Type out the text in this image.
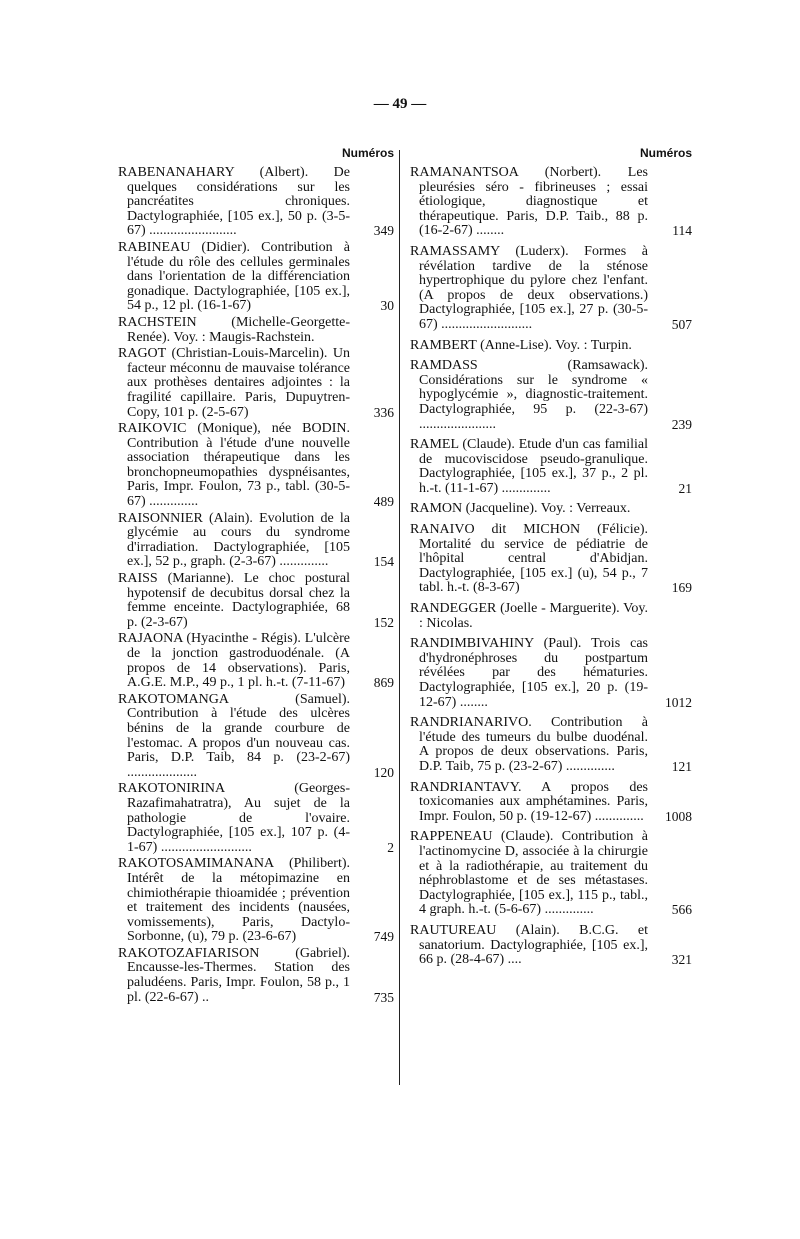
— 49 —
Numéros
RABENANAHARY (Albert). De quelques considérations sur les pancréatites chroniques. Dactylographiée, [105 ex.], 50 p. (3-5-67) .........................	349
RABINEAU (Didier). Contribution à l'étude du rôle des cellules germinales dans l'orientation de la différenciation gonadique. Dactylographiée, [105 ex.], 54 p., 12 pl. (16-1-67)	30
RACHSTEIN (Michelle-Georgette-Renée). Voy. : Maugis-Rachstein.
RAGOT (Christian-Louis-Marcelin). Un facteur méconnu de mauvaise tolérance aux prothèses dentaires adjointes : la fragilité capillaire. Paris, Dupuytren-Copy, 101 p. (2-5-67)	336
RAIKOVIC (Monique), née BODIN. Contribution à l'étude d'une nouvelle association thérapeutique dans les bronchopneumopathies dyspnéisantes, Paris, Impr. Foulon, 73 p., tabl. (30-5-67) ..............	489
RAISONNIER (Alain). Evolution de la glycémie au cours du syndrome d'irradiation. Dactylographiée, [105 ex.], 52 p., graph. (2-3-67) ..............	154
RAISS (Marianne). Le choc postural hypotensif de decubitus dorsal chez la femme enceinte. Dactylographiée, 68 p. (2-3-67)	152
RAJAONA (Hyacinthe - Régis). L'ulcère de la jonction gastroduodénale. (A propos de 14 observations). Paris, A.G.E. M.P., 49 p., 1 pl. h.-t. (7-11-67) 869
RAKOTOMANGA (Samuel). Contribution à l'étude des ulcères bénins de la grande courbure de l'estomac. A propos d'un nouveau cas. Paris, D.P. Taib, 84 p. (23-2-67) ....................	120
RAKOTONIRINA (Georges-Razafimahatratra), Au sujet de la pathologie de l'ovaire. Dactylographiée, [105 ex.], 107 p. (4-1-67) ..........................	2
RAKOTOSAMIMANANA (Philibert). Intérêt de la métopimazine en chimiothérapie thioamidée ; prévention et traitement des incidents (nausées, vomissements), Paris, Dactylo-Sorbonne, (u), 79 p. (23-6-67)	749
RAKOTOZAFIARISON (Gabriel). Encausse-les-Thermes. Station des paludéens. Paris, Impr. Foulon, 58 p., 1 pl. (22-6-67) ..	735
Numéros
RAMANANTSOA (Norbert). Les pleurésies séro - fibrineuses ; essai étiologique, diagnostique et thérapeutique. Paris, D.P. Taib., 88 p. (16-2-67) ........	114
RAMASSAMY (Luderx). Formes à révélation tardive de la sténose hypertrophique du pylore chez l'enfant. (A propos de deux observations.) Dactylographiée, [105 ex.], 27 p. (30-5-67) ..........................	507
RAMBERT (Anne-Lise). Voy. : Turpin.
RAMDASS (Ramsawack). Considérations sur le syndrome « hypoglycémie », diagnostic-traitement. Dactylographiée, 95 p. (22-3-67) ......................	239
RAMEL (Claude). Etude d'un cas familial de mucoviscidose pseudo-granulique. Dactylographiée, [105 ex.], 37 p., 2 pl. h.-t. (11-1-67) ..............	21
RAMON (Jacqueline). Voy. : Verreaux.
RANAIVO dit MICHON (Félicie). Mortalité du service de pédiatrie de l'hôpital central d'Abidjan. Dactylographiée, [105 ex.] (u), 54 p., 7 tabl. h.-t. (8-3-67)	169
RANDEGGER (Joelle - Marguerite). Voy. : Nicolas.
RANDIMBIVAHINY (Paul). Trois cas d'hydronéphroses du postpartum révélées par des hématuries. Dactylographiée, [105 ex.], 20 p. (19-12-67) ........	1012
RANDRIANARIVO. Contribution à l'étude des tumeurs du bulbe duodénal. A propos de deux observations. Paris, D.P. Taib, 75 p. (23-2-67) ..............	121
RANDRIANTAVY. A propos des toxicomanies aux amphétamines. Paris, Impr. Foulon, 50 p. (19-12-67) .............. 1008
RAPPENEAU (Claude). Contribution à l'actinomycine D, associée à la chirurgie et à la radiothérapie, au traitement du néphroblastome et de ses métastases. Dactylographiée, [105 ex.], 115 p., tabl., 4 graph. h.-t. (5-6-67) ..............	566
RAUTUREAU (Alain). B.C.G. et sanatorium. Dactylographiée, [105 ex.], 66 p. (28-4-67) ....	321
